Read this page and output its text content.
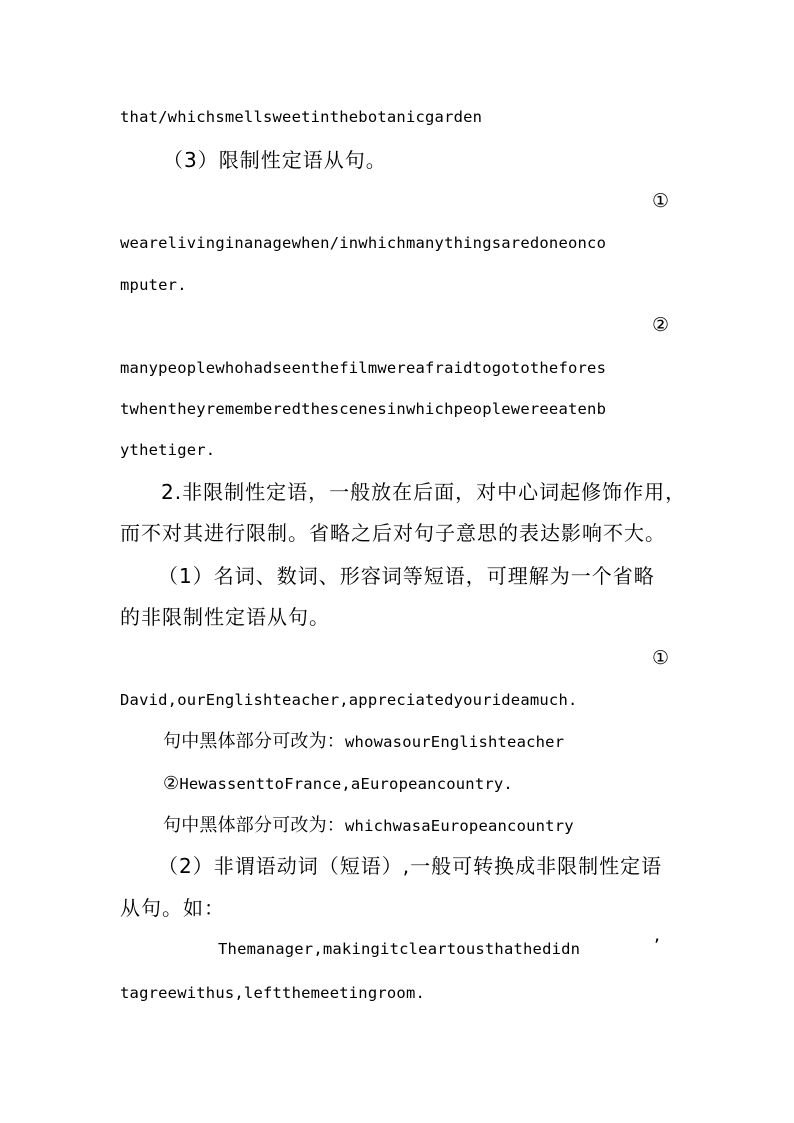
that/whichsmellsweetinthebotanicgarden
（3）限制性定语从句。
①
wearelivinginanagewhen/inwhichmanythingsaredoneonco
mputer.
②
manypeoplewhohadseenthefilmwereafraidtogotothefores
twhentheyrememberedthescenesinwhichpeoplewereeatenb
ythetiger.
2.非限制性定语，一般放在后面，对中心词起修饰作用，
而不对其进行限制。省略之后对句子意思的表达影响不大。
（1）名词、数词、形容词等短语，可理解为一个省略
的非限制性定语从句。
①
David,ourEnglishteacher,appreciatedyourideamuch.
句中黑体部分可改为：whowasourEnglishteacher
②HewassenttoFrance,aEuropeancountry.
句中黑体部分可改为：whichwasaEuropeancountry
（2）非谓语动词（短语）,一般可转换成非限制性定语
从句。如：
Themanager,makingitcleartousthathedidn	’
tagreewithus,leftthemeetingroom.
